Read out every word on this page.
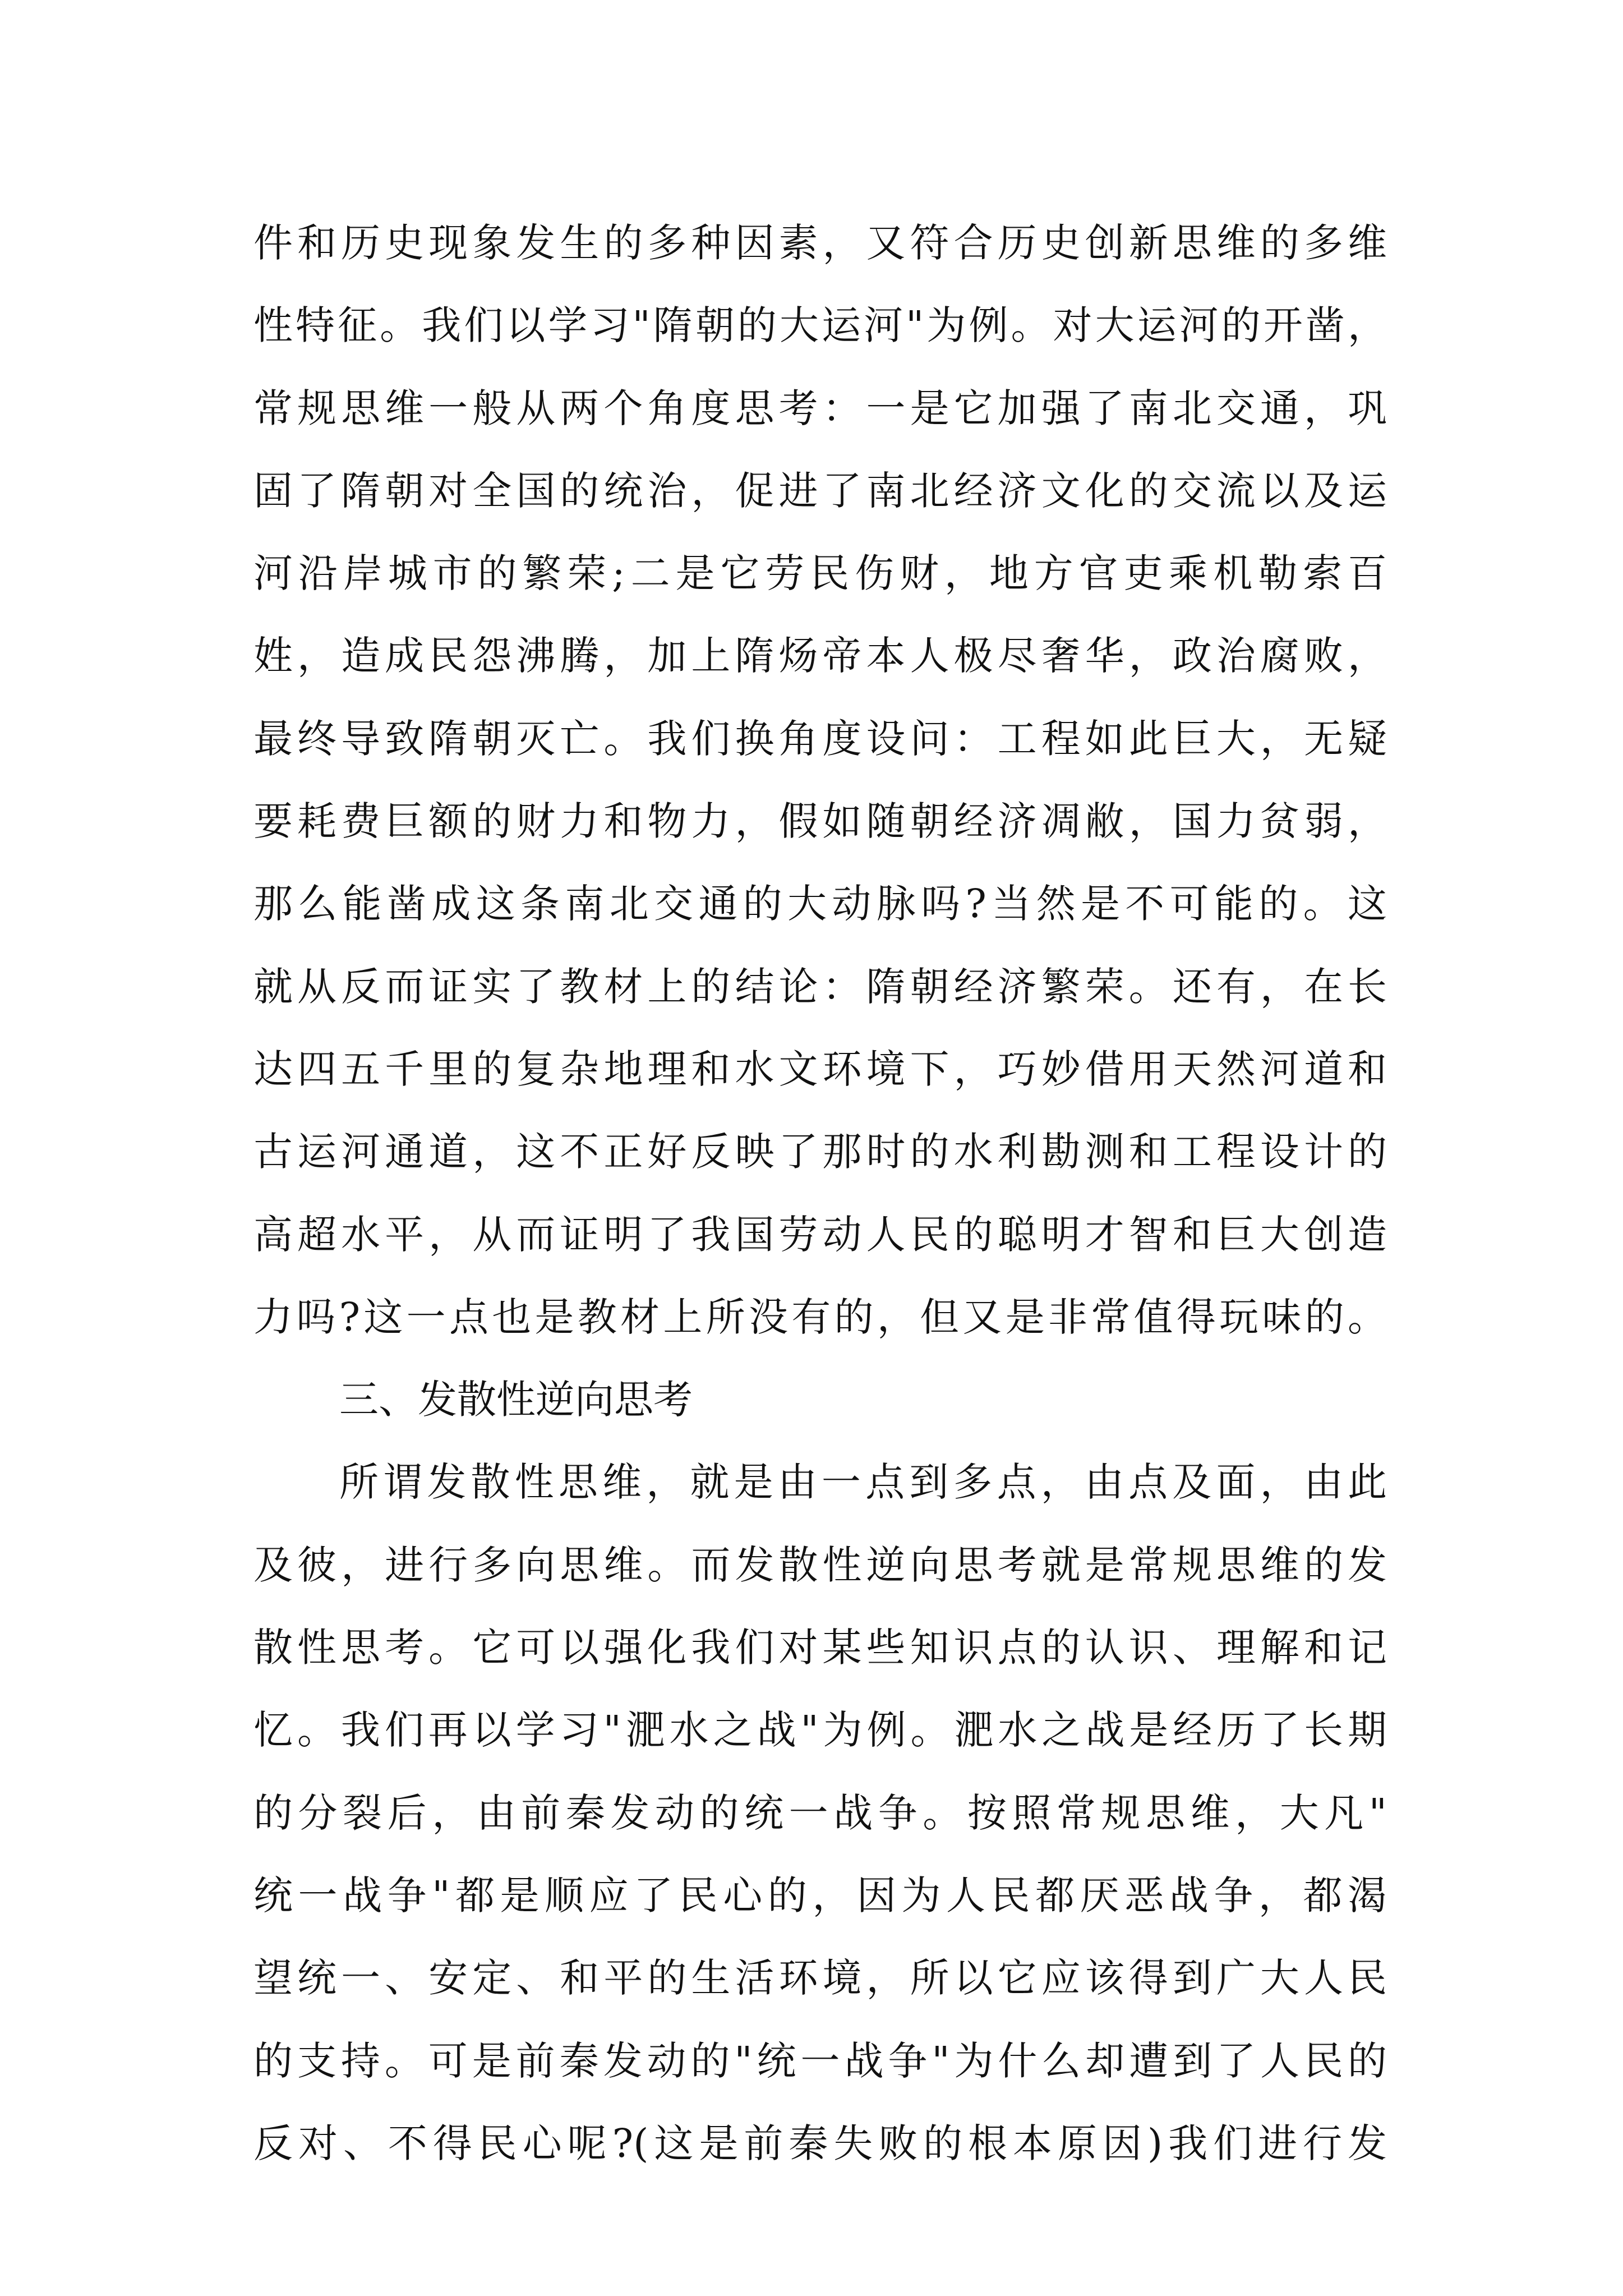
件和历史现象发生的多种因素，又符合历史创新思维的多维
性特征。我们以学习"隋朝的大运河"为例。对大运河的开凿，
常规思维一般从两个角度思考：一是它加强了南北交通，巩
固了隋朝对全国的统治，促进了南北经济文化的交流以及运
河沿岸城市的繁荣;二是它劳民伤财，地方官吏乘机勒索百
姓，造成民怨沸腾，加上隋炀帝本人极尽奢华，政治腐败，
最终导致隋朝灭亡。我们换角度设问：工程如此巨大，无疑
要耗费巨额的财力和物力，假如随朝经济凋敝，国力贫弱，
那么能凿成这条南北交通的大动脉吗?当然是不可能的。这
就从反而证实了教材上的结论：隋朝经济繁荣。还有，在长
达四五千里的复杂地理和水文环境下，巧妙借用天然河道和
古运河通道，这不正好反映了那时的水利勘测和工程设计的
高超水平，从而证明了我国劳动人民的聪明才智和巨大创造
力吗?这一点也是教材上所没有的，但又是非常值得玩味的。
三、发散性逆向思考
所谓发散性思维，就是由一点到多点，由点及面，由此
及彼，进行多向思维。而发散性逆向思考就是常规思维的发
散性思考。它可以强化我们对某些知识点的认识、理解和记
忆。我们再以学习"淝水之战"为例。淝水之战是经历了长期
的分裂后，由前秦发动的统一战争。按照常规思维，大凡"
统一战争"都是顺应了民心的，因为人民都厌恶战争，都渴
望统一、安定、和平的生活环境，所以它应该得到广大人民
的支持。可是前秦发动的"统一战争"为什么却遭到了人民的
反对、不得民心呢?(这是前秦失败的根本原因)我们进行发
